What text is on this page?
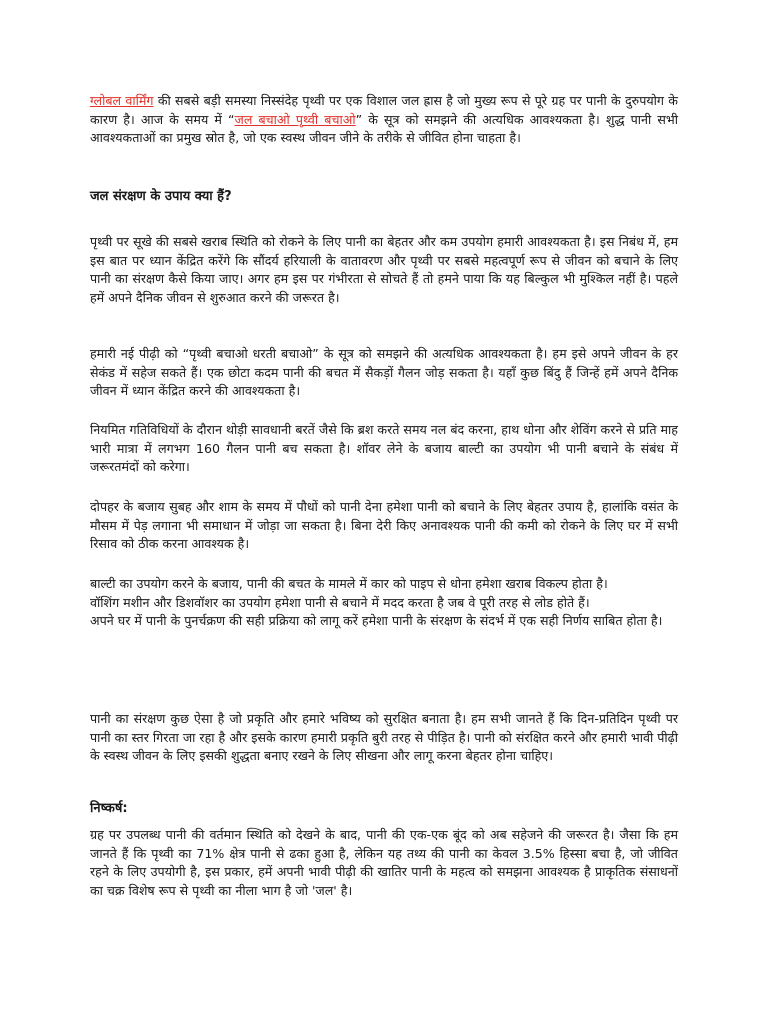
ग्लोबल वार्मिंग की सबसे बड़ी समस्या निस्संदेह पृथ्वी पर एक विशाल जल ह्रास है जो मुख्य रूप से पूरे ग्रह पर पानी के दुरुपयोग के कारण है। आज के समय में “जल बचाओ पृथ्वी बचाओ” के सूत्र को समझने की अत्यधिक आवश्यकता है। शुद्ध पानी सभी आवश्यकताओं का प्रमुख स्रोत है, जो एक स्वस्थ जीवन जीने के तरीके से जीवित होना चाहता है।

जल संरक्षण के उपाय क्या हैं?

पृथ्वी पर सूखे की सबसे खराब स्थिति को रोकने के लिए पानी का बेहतर और कम उपयोग हमारी आवश्यकता है। इस निबंध में, हम इस बात पर ध्यान केंद्रित करेंगे कि सौंदर्य हरियाली के वातावरण और पृथ्वी पर सबसे महत्वपूर्ण रूप से जीवन को बचाने के लिए पानी का संरक्षण कैसे किया जाए। अगर हम इस पर गंभीरता से सोचते हैं तो हमने पाया कि यह बिल्कुल भी मुश्किल नहीं है। पहले हमें अपने दैनिक जीवन से शुरुआत करने की जरूरत है।

हमारी नई पीढ़ी को “पृथ्वी बचाओ धरती बचाओ” के सूत्र को समझने की अत्यधिक आवश्यकता है। हम इसे अपने जीवन के हर सेकंड में सहेज सकते हैं। एक छोटा कदम पानी की बचत में सैकड़ों गैलन जोड़ सकता है। यहाँ कुछ बिंदु हैं जिन्हें हमें अपने दैनिक जीवन में ध्यान केंद्रित करने की आवश्यकता है।

नियमित गतिविधियों के दौरान थोड़ी सावधानी बरतें जैसे कि ब्रश करते समय नल बंद करना, हाथ धोना और शेविंग करने से प्रति माह भारी मात्रा में लगभग 160 गैलन पानी बच सकता है। शॉवर लेने के बजाय बाल्टी का उपयोग भी पानी बचाने के संबंध में जरूरतमंदों को करेगा।

दोपहर के बजाय सुबह और शाम के समय में पौधों को पानी देना हमेशा पानी को बचाने के लिए बेहतर उपाय है, हालांकि वसंत के मौसम में पेड़ लगाना भी समाधान में जोड़ा जा सकता है। बिना देरी किए अनावश्यक पानी की कमी को रोकने के लिए घर में सभी रिसाव को ठीक करना आवश्यक है।

बाल्टी का उपयोग करने के बजाय, पानी की बचत के मामले में कार को पाइप से धोना हमेशा खराब विकल्प होता है।
वॉशिंग मशीन और डिशवॉशर का उपयोग हमेशा पानी से बचाने में मदद करता है जब वे पूरी तरह से लोड होते हैं।
अपने घर में पानी के पुनर्चक्रण की सही प्रक्रिया को लागू करें हमेशा पानी के संरक्षण के संदर्भ में एक सही निर्णय साबित होता है।

पानी का संरक्षण कुछ ऐसा है जो प्रकृति और हमारे भविष्य को सुरक्षित बनाता है। हम सभी जानते हैं कि दिन-प्रतिदिन पृथ्वी पर पानी का स्तर गिरता जा रहा है और इसके कारण हमारी प्रकृति बुरी तरह से पीड़ित है। पानी को संरक्षित करने और हमारी भावी पीढ़ी के स्वस्थ जीवन के लिए इसकी शुद्धता बनाए रखने के लिए सीखना और लागू करना बेहतर होना चाहिए।

निष्कर्ष:

ग्रह पर उपलब्ध पानी की वर्तमान स्थिति को देखने के बाद, पानी की एक-एक बूंद को अब सहेजने की जरूरत है। जैसा कि हम जानते हैं कि पृथ्वी का 71% क्षेत्र पानी से ढका हुआ है, लेकिन यह तथ्य की पानी का केवल 3.5% हिस्सा बचा है, जो जीवित रहने के लिए उपयोगी है, इस प्रकार, हमें अपनी भावी पीढ़ी की खातिर पानी के महत्व को समझना आवश्यक है प्राकृतिक संसाधनों का चक्र विशेष रूप से पृथ्वी का नीला भाग है जो 'जल' है।
